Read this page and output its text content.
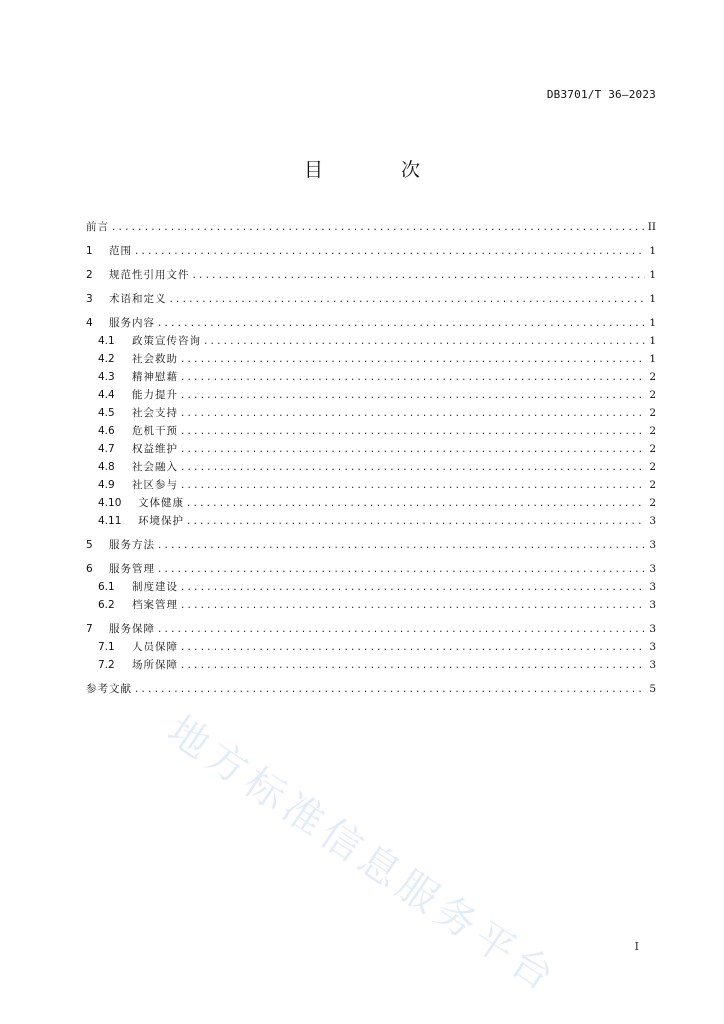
DB3701/T 36—2023
目 次
前言 .....	II
1	范围 .....	1
2	规范性引用文件 .....	1
3	术语和定义 .....	1
4	服务内容 .....	1
4.1	政策宣传咨询 .....	1
4.2	社会救助 .....	1
4.3	精神慰藉 .....	2
4.4	能力提升 .....	2
4.5	社会支持 .....	2
4.6	危机干预 .....	2
4.7	权益维护 .....	2
4.8	社会融入 .....	2
4.9	社区参与 .....	2
4.10	文体健康 .....	2
4.11	环境保护 .....	3
5	服务方法 .....	3
6	服务管理 .....	3
6.1	制度建设 .....	3
6.2	档案管理 .....	3
7	服务保障 .....	3
7.1	人员保障 .....	3
7.2	场所保障 .....	3
参考文献 .....	5
地方标准信息服务平台	I
